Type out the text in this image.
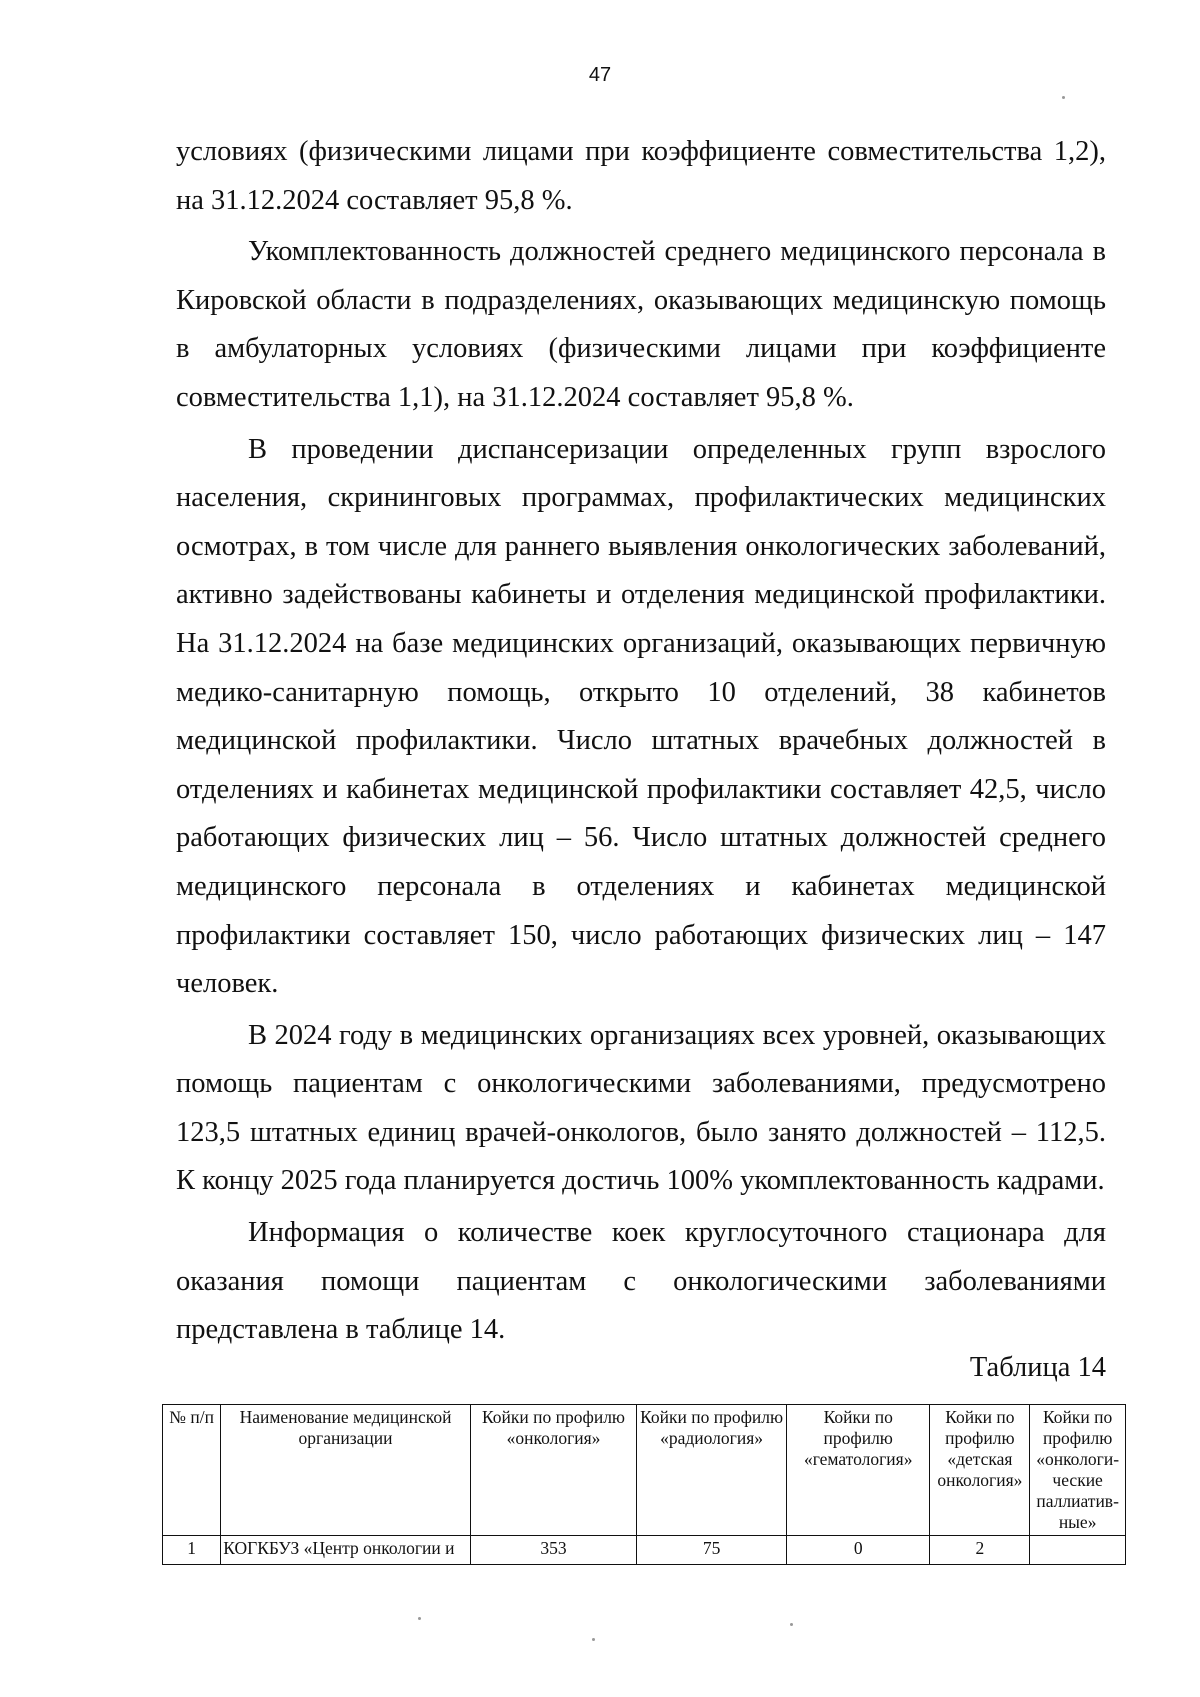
47

условиях (физическими лицами при коэффициенте совместительства 1,2), на 31.12.2024 составляет 95,8 %.

Укомплектованность должностей среднего медицинского персонала в Кировской области в подразделениях, оказывающих медицинскую помощь в амбулаторных условиях (физическими лицами при коэффициенте совместительства 1,1), на 31.12.2024 составляет 95,8 %.

В проведении диспансеризации определенных групп взрослого населения, скрининговых программах, профилактических медицинских осмотрах, в том числе для раннего выявления онкологических заболеваний, активно задействованы кабинеты и отделения медицинской профилактики. На 31.12.2024 на базе медицинских организаций, оказывающих первичную медико-санитарную помощь, открыто 10 отделений, 38 кабинетов медицинской профилактики. Число штатных врачебных должностей в отделениях и кабинетах медицинской профилактики составляет 42,5, число работающих физических лиц – 56. Число штатных должностей среднего медицинского персонала в отделениях и кабинетах медицинской профилактики составляет 150, число работающих физических лиц – 147 человек.

В 2024 году в медицинских организациях всех уровней, оказывающих помощь пациентам с онкологическими заболеваниями, предусмотрено 123,5 штатных единиц врачей-онкологов, было занято должностей – 112,5. К концу 2025 года планируется достичь 100% укомплектованность кадрами.

Информация о количестве коек круглосуточного стационара для оказания помощи пациентам с онкологическими заболеваниями представлена в таблице 14.

Таблица 14
№ п/п	Наименование медицинской организации	Койки по профилю «онкология»	Койки по профилю «радиология»	Койки по профилю «гематология»	Койки по профилю «детская онкология»	Койки по профилю «онкологи-ческие паллиатив-ные»
1	КОГКБУЗ «Центр онкологии и	353	75	0	2	
